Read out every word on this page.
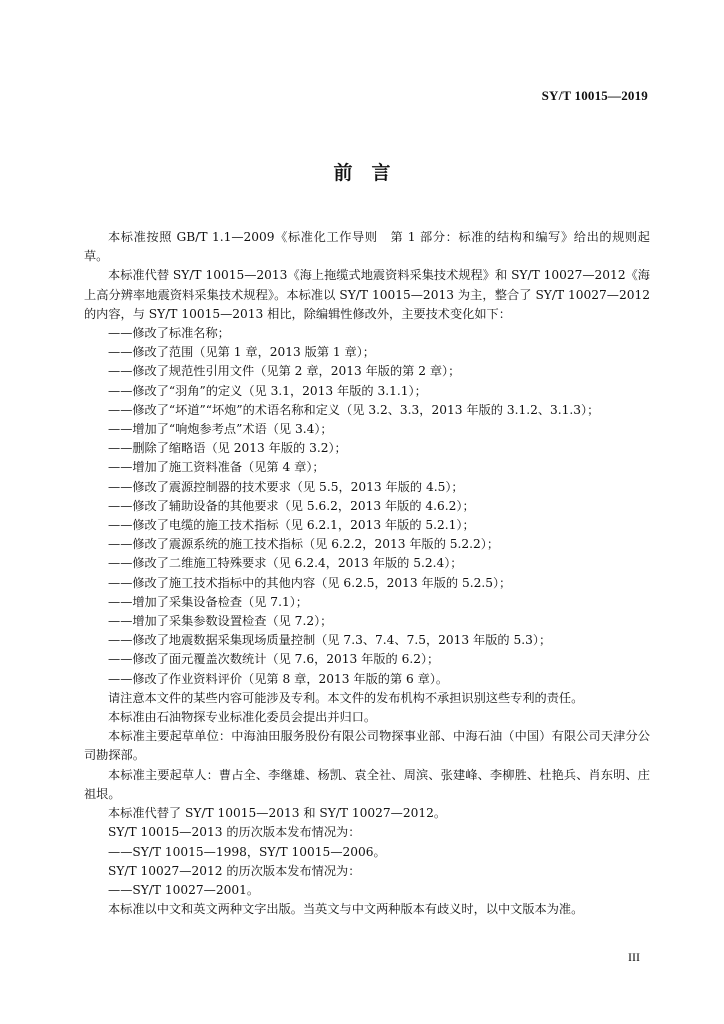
SY/T 10015—2019
前　言

本标准按照 GB/T 1.1—2009《标准化工作导则　第 1 部分：标准的结构和编写》给出的规则起草。

本标准代替 SY/T 10015—2013《海上拖缆式地震资料采集技术规程》和 SY/T 10027—2012《海上高分辨率地震资料采集技术规程》。本标准以 SY/T 10015—2013 为主，整合了 SY/T 10027—2012 的内容，与 SY/T 10015—2013 相比，除编辑性修改外，主要技术变化如下：

——修改了标准名称；

——修改了范围（见第 1 章，2013 版第 1 章）；

——修改了规范性引用文件（见第 2 章，2013 年版的第 2 章）；

——修改了“羽角”的定义（见 3.1，2013 年版的 3.1.1）；

——修改了“坏道”“坏炮”的术语名称和定义（见 3.2、3.3，2013 年版的 3.1.2、3.1.3）；

——增加了“响炮参考点”术语（见 3.4）；

——删除了缩略语（见 2013 年版的 3.2）；

——增加了施工资料准备（见第 4 章）；

——修改了震源控制器的技术要求（见 5.5，2013 年版的 4.5）；

——修改了辅助设备的其他要求（见 5.6.2，2013 年版的 4.6.2）；

——修改了电缆的施工技术指标（见 6.2.1，2013 年版的 5.2.1）；

——修改了震源系统的施工技术指标（见 6.2.2，2013 年版的 5.2.2）；

——修改了二维施工特殊要求（见 6.2.4，2013 年版的 5.2.4）；

——修改了施工技术指标中的其他内容（见 6.2.5，2013 年版的 5.2.5）；

——增加了采集设备检查（见 7.1）；

——增加了采集参数设置检查（见 7.2）；

——修改了地震数据采集现场质量控制（见 7.3、7.4、7.5，2013 年版的 5.3）；

——修改了面元覆盖次数统计（见 7.6，2013 年版的 6.2）；

——修改了作业资料评价（见第 8 章，2013 年版的第 6 章）。

请注意本文件的某些内容可能涉及专利。本文件的发布机构不承担识别这些专利的责任。

本标准由石油物探专业标准化委员会提出并归口。

本标准主要起草单位：中海油田服务股份有限公司物探事业部、中海石油（中国）有限公司天津分公司勘探部。

本标准主要起草人：曹占全、李继雄、杨凯、袁全社、周滨、张建峰、李柳胜、杜艳兵、肖东明、庄祖垠。

本标准代替了 SY/T 10015—2013 和 SY/T 10027—2012。

SY/T 10015—2013 的历次版本发布情况为：

——SY/T 10015—1998，SY/T 10015—2006。

SY/T 10027—2012 的历次版本发布情况为：

——SY/T 10027—2001。

本标准以中文和英文两种文字出版。当英文与中文两种版本有歧义时，以中文版本为准。

III
